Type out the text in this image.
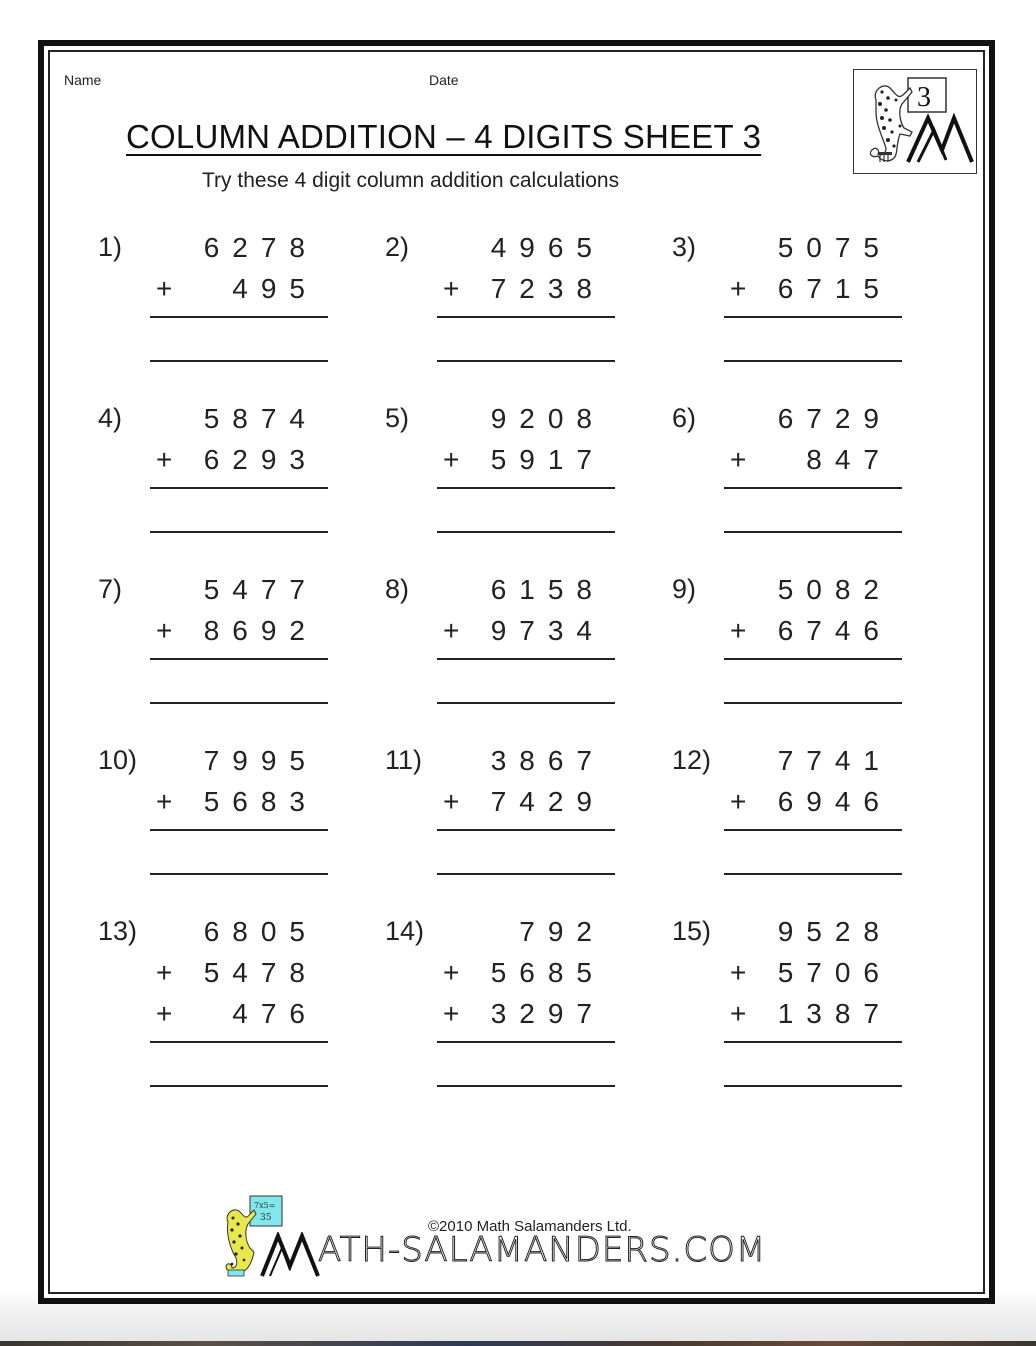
Name	Date
COLUMN ADDITION – 4 DIGITS SHEET 3
Try these 4 digit column addition calculations
3
1)	6278
+ 495
2)	4965
+ 7238
3)	5075
+ 6715
4)	5874
+ 6293
5)	9208
+ 5917
6)	6729
+ 847
7)	5477
+ 8692
8)	6158
+ 9734
9)	5082
+ 6746
10) 7995
+ 5683
11) 3867
+ 7429
12) 7741
+ 6946
13) 6805
+ 5478
+ 476
14)	792
+ 5685
+ 3297
15) 9528
+ 5706
+ 1387
©2010 Math Salamanders Ltd.
7x5=
35
ATH-SALAMANDERS.COM
